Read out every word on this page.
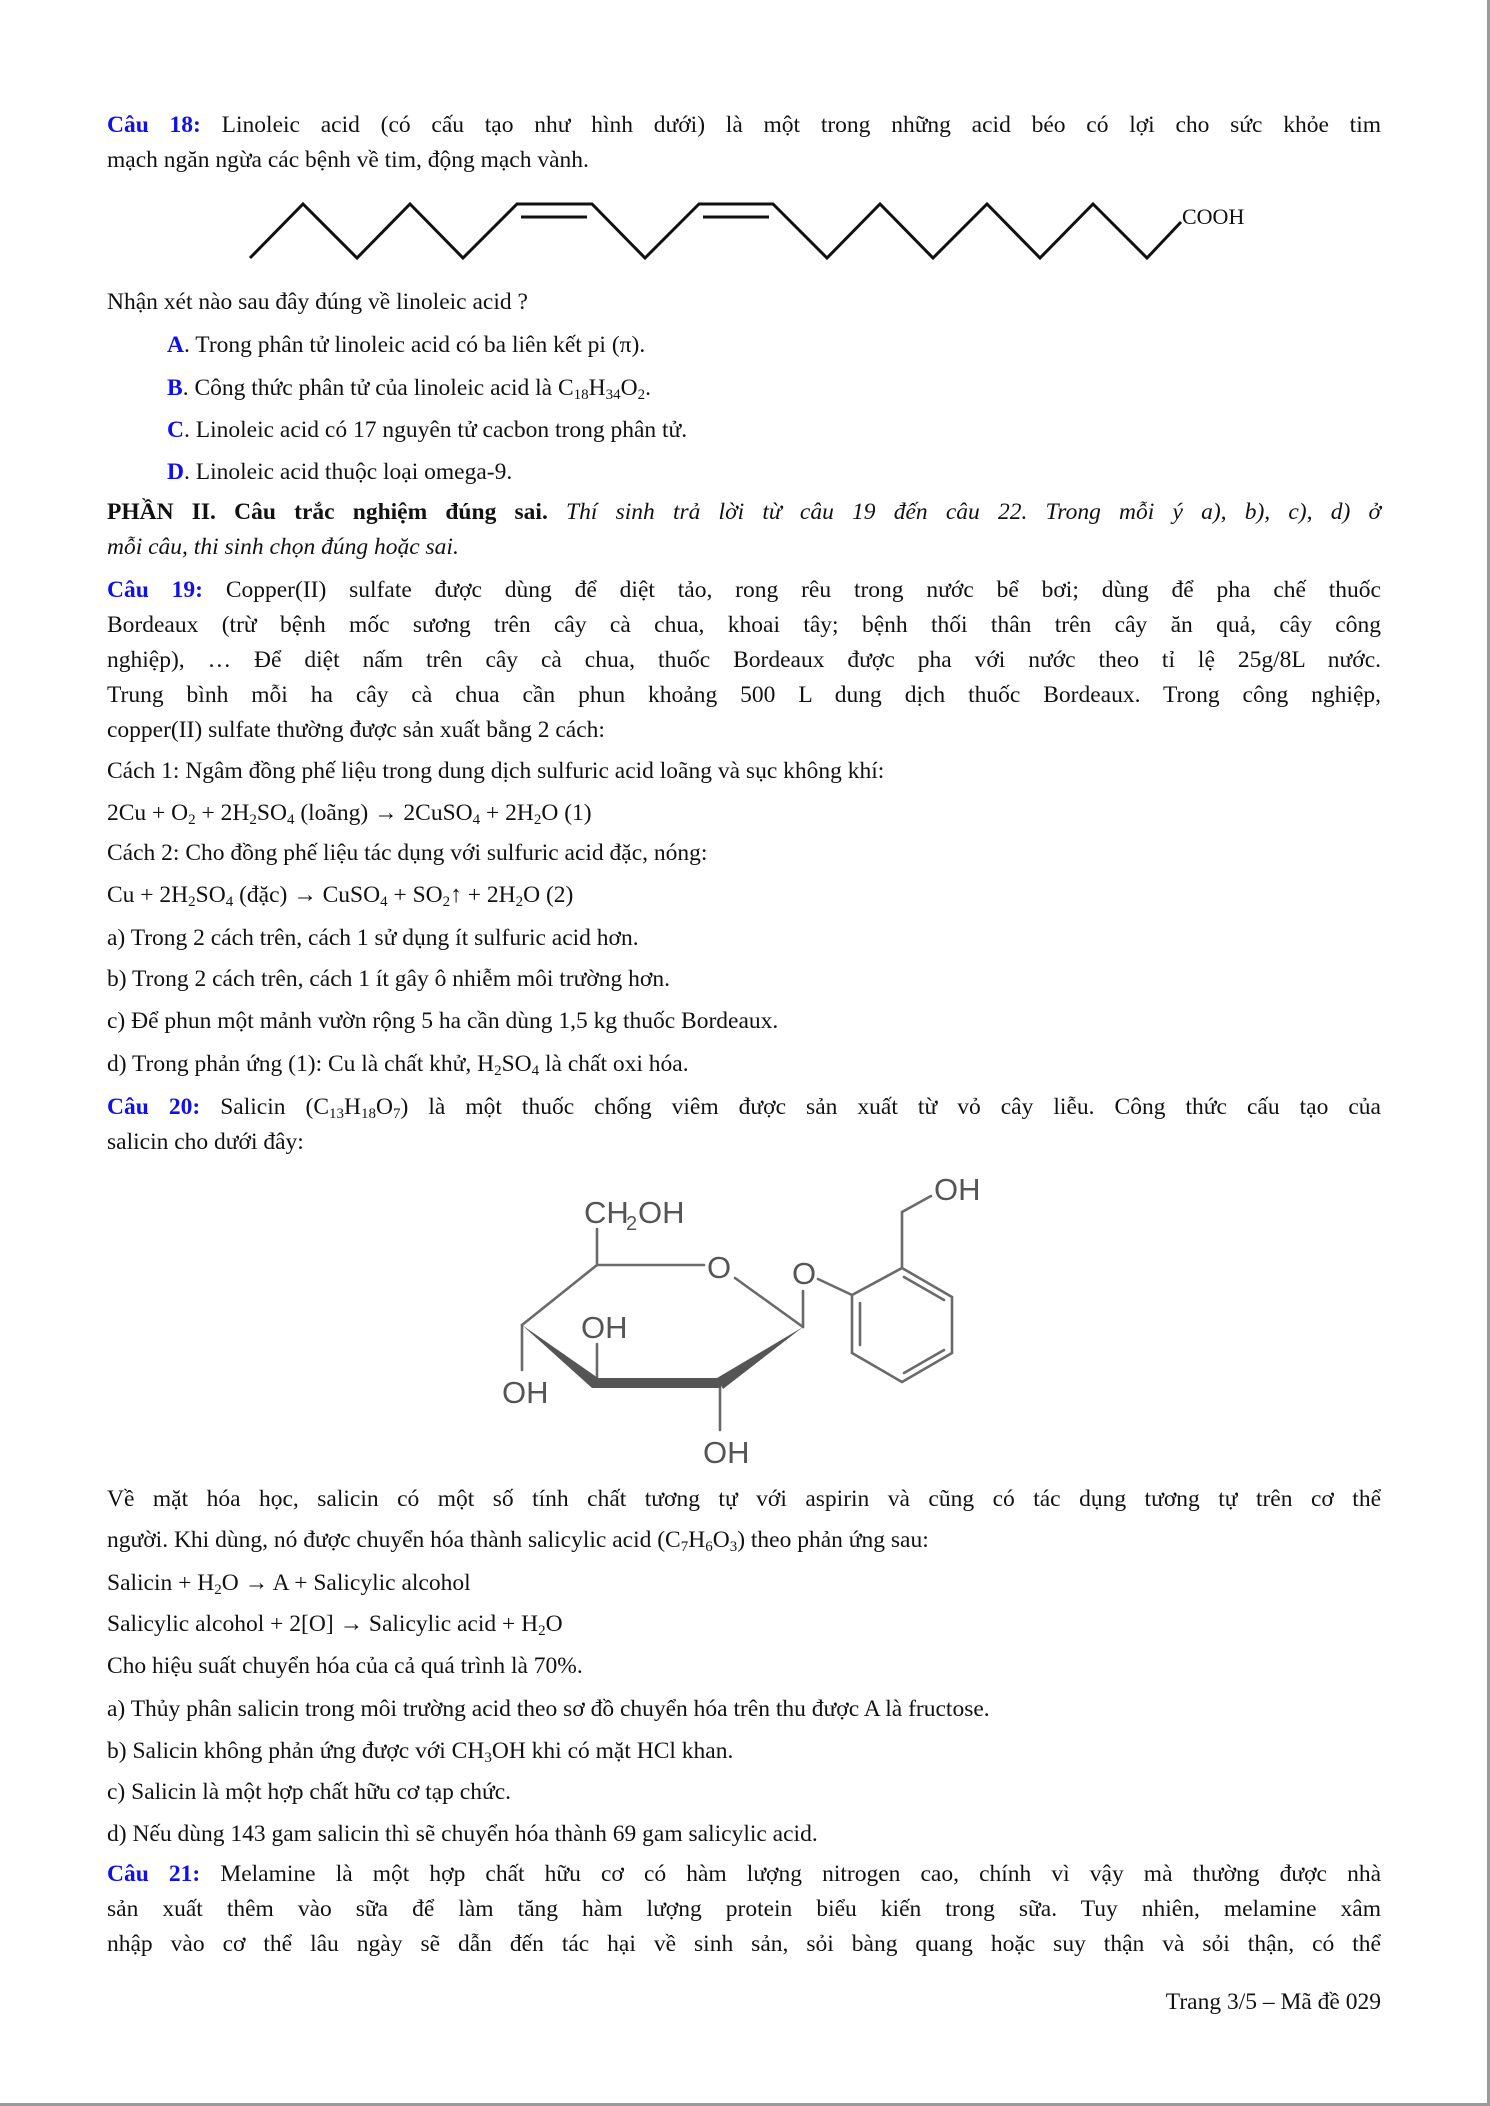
Câu 18: Linoleic acid (có cấu tạo như hình dưới) là một trong những acid béo có lợi cho sức khỏe tim
mạch ngăn ngừa các bệnh về tim, động mạch vành.
COOH
Nhận xét nào sau đây đúng về linoleic acid ?
A. Trong phân tử linoleic acid có ba liên kết pi (π).
B. Công thức phân tử của linoleic acid là $C_{18}H_{34}O_2$.
C. Linoleic acid có 17 nguyên tử cacbon trong phân tử.
D. Linoleic acid thuộc loại omega-9.
PHẦN II. Câu trắc nghiệm đúng sai. Thí sinh trả lời từ câu 19 đến câu 22. Trong mỗi ý a), b), c), d) ở
mỗi câu, thi sinh chọn đúng hoặc sai.
Câu 19: Copper(II) sulfate được dùng để diệt tảo, rong rêu trong nước bể bơi; dùng để pha chế thuốc
Bordeaux (trừ bệnh mốc sương trên cây cà chua, khoai tây; bệnh thối thân trên cây ăn quả, cây công
nghiệp), … Để diệt nấm trên cây cà chua, thuốc Bordeaux được pha với nước theo tỉ lệ 25g/8L nước.
Trung bình mỗi ha cây cà chua cần phun khoảng 500 L dung dịch thuốc Bordeaux. Trong công nghiệp,
copper(II) sulfate thường được sản xuất bằng 2 cách:
Cách 1: Ngâm đồng phế liệu trong dung dịch sulfuric acid loãng và sục không khí:
$2Cu + O_2 + 2H_2SO_4$ (loãng) → 2CuSO$_4$ + $2H_2O$ (1)
Cách 2: Cho đồng phế liệu tác dụng với sulfuric acid đặc, nóng:
$Cu + 2H_2SO_4$ (đặc) → CuSO$_4$ + $SO_2↑ + 2H_2O$ (2)
a) Trong 2 cách trên, cách 1 sử dụng ít sulfuric acid hơn.
b) Trong 2 cách trên, cách 1 ít gây ô nhiễm môi trường hơn.
c) Để phun một mảnh vườn rộng 5 ha cần dùng 1,5 kg thuốc Bordeaux.
d) Trong phản ứng (1): Cu là chất khử, $H_2SO_4$ là chất oxi hóa.
Câu 20: Salicin $(C_{13}H_{18}O_7)$ là một thuốc chống viêm được sản xuất từ vỏ cây liễu. Công thức cấu tạo của
salicin cho dưới đây:
CH
2 OH
O O
OH
OH
OH
OH
Về mặt hóa học, salicin có một số tính chất tương tự với aspirin và cũng có tác dụng tương tự trên cơ thể
người. Khi dùng, nó được chuyển hóa thành salicylic acid $(C_7H_6O_3)$ theo phản ứng sau:
Salicin + $H_2O \to A$ + Salicylic alcohol
Salicylic alcohol + 2[O] → Salicylic acid + $H_2O$
Cho hiệu suất chuyển hóa của cả quá trình là 70%.
a) Thủy phân salicin trong môi trường acid theo sơ đồ chuyển hóa trên thu được A là fructose.
b) Salicin không phản ứng được với $CH_3OH$ khi có mặt HCl khan.
c) Salicin là một hợp chất hữu cơ tạp chức.
d) Nếu dùng 143 gam salicin thì sẽ chuyển hóa thành 69 gam salicylic acid.
Câu 21: Melamine là một hợp chất hữu cơ có hàm lượng nitrogen cao, chính vì vậy mà thường được nhà
sản xuất thêm vào sữa để làm tăng hàm lượng protein biểu kiến trong sữa. Tuy nhiên, melamine xâm
nhập vào cơ thể lâu ngày sẽ dẫn đến tác hại về sinh sản, sỏi bàng quang hoặc suy thận và sỏi thận, có thể
Trang 3/5 – Mã đề 029
